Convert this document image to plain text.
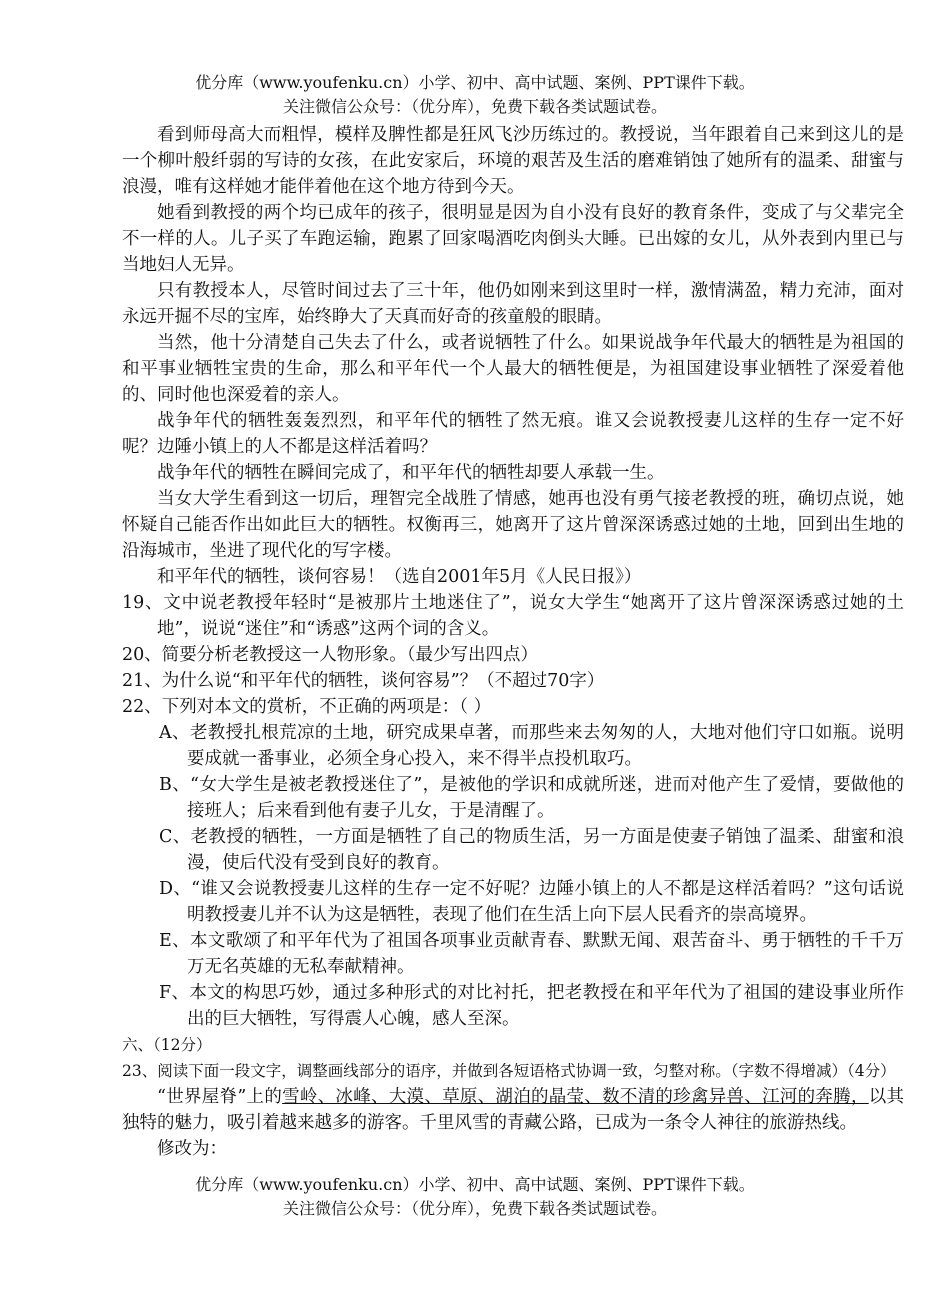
优分库（www.youfenku.cn）小学、初中、高中试题、案例、PPT课件下载。
关注微信公众号：（优分库），免费下载各类试题试卷。

看到师母高大而粗悍，模样及脾性都是狂风飞沙历练过的。教授说，当年跟着自己来到这儿的是一个柳叶般纤弱的写诗的女孩，在此安家后，环境的艰苦及生活的磨难销蚀了她所有的温柔、甜蜜与浪漫，唯有这样她才能伴着他在这个地方待到今天。

她看到教授的两个均已成年的孩子，很明显是因为自小没有良好的教育条件，变成了与父辈完全不一样的人。儿子买了车跑运输，跑累了回家喝酒吃肉倒头大睡。已出嫁的女儿，从外表到内里已与当地妇人无异。

只有教授本人，尽管时间过去了三十年，他仍如刚来到这里时一样，激情满盈，精力充沛，面对永远开掘不尽的宝库，始终睁大了天真而好奇的孩童般的眼睛。

当然，他十分清楚自己失去了什么，或者说牺牲了什么。如果说战争年代最大的牺牲是为祖国的和平事业牺牲宝贵的生命，那么和平年代一个人最大的牺牲便是，为祖国建设事业牺牲了深爱着他的、同时他也深爱着的亲人。

战争年代的牺牲轰轰烈烈，和平年代的牺牲了然无痕。谁又会说教授妻儿这样的生存一定不好呢？边陲小镇上的人不都是这样活着吗？

战争年代的牺牲在瞬间完成了，和平年代的牺牲却要人承载一生。

当女大学生看到这一切后，理智完全战胜了情感，她再也没有勇气接老教授的班，确切点说，她怀疑自己能否作出如此巨大的牺牲。权衡再三，她离开了这片曾深深诱惑过她的土地，回到出生地的沿海城市，坐进了现代化的写字楼。

和平年代的牺牲，谈何容易！（选自2001年5月《人民日报》）

19、文中说老教授年轻时“是被那片土地迷住了”，说女大学生“她离开了这片曾深深诱惑过她的土地”，说说“迷住”和“诱惑”这两个词的含义。

20、简要分析老教授这一人物形象。（最少写出四点）

21、为什么说“和平年代的牺牲，谈何容易”？（不超过70字）

22、下列对本文的赏析，不正确的两项是：（ ）

A、老教授扎根荒凉的土地，研究成果卓著，而那些来去匆匆的人，大地对他们守口如瓶。说明要成就一番事业，必须全身心投入，来不得半点投机取巧。

B、“女大学生是被老教授迷住了”，是被他的学识和成就所迷，进而对他产生了爱情，要做他的接班人；后来看到他有妻子儿女，于是清醒了。

C、老教授的牺牲，一方面是牺牲了自己的物质生活，另一方面是使妻子销蚀了温柔、甜蜜和浪漫，使后代没有受到良好的教育。

D、“谁又会说教授妻儿这样的生存一定不好呢？边陲小镇上的人不都是这样活着吗？”这句话说明教授妻儿并不认为这是牺牲，表现了他们在生活上向下层人民看齐的崇高境界。

E、本文歌颂了和平年代为了祖国各项事业贡献青春、默默无闻、艰苦奋斗、勇于牺牲的千千万万无名英雄的无私奉献精神。

F、本文的构思巧妙，通过多种形式的对比衬托，把老教授在和平年代为了祖国的建设事业所作出的巨大牺牲，写得震人心魄，感人至深。

六、（12分）

23、阅读下面一段文字，调整画线部分的语序，并做到各短语格式协调一致，匀整对称。（字数不得增减）（4分）

“世界屋脊”上的雪岭、冰峰、大漠、草原、湖泊的晶莹、数不清的珍禽异兽、江河的奔腾，以其独特的魅力，吸引着越来越多的游客。千里风雪的青藏公路，已成为一条令人神往的旅游热线。

修改为：

优分库（www.youfenku.cn）小学、初中、高中试题、案例、PPT课件下载。
关注微信公众号：（优分库），免费下载各类试题试卷。
